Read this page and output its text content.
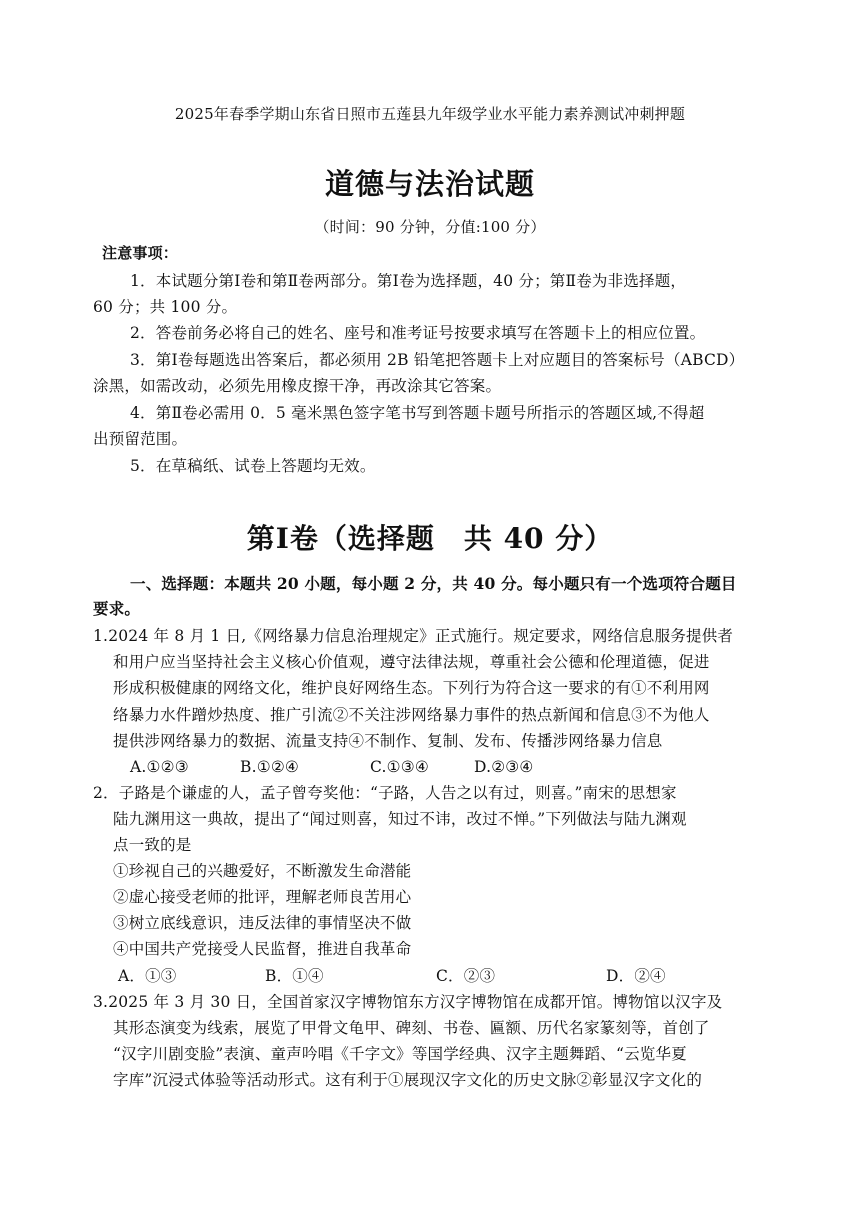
2025年春季学期山东省日照市五莲县九年级学业水平能力素养测试冲刺押题
道德与法治试题
（时间：90 分钟，分值:100 分）
注意事项：
1．本试题分第Ⅰ卷和第Ⅱ卷两部分。第Ⅰ卷为选择题，40 分；第Ⅱ卷为非选择题，
60 分；共 100 分。
2．答卷前务必将自己的姓名、座号和准考证号按要求填写在答题卡上的相应位置。
3．第Ⅰ卷每题选出答案后，都必须用 2B 铅笔把答题卡上对应题目的答案标号（ABCD）
涂黑，如需改动，必须先用橡皮擦干净，再改涂其它答案。
4．第Ⅱ卷必需用 0．5 毫米黑色签字笔书写到答题卡题号所指示的答题区域,不得超
出预留范围。
5．在草稿纸、试卷上答题均无效。
第Ⅰ卷（选择题　共 40 分）
一、选择题：本题共 20 小题，每小题 2 分，共 40 分。每小题只有一个选项符合题目
要求。
1.2024 年 8 月 1 日,《网络暴力信息治理规定》正式施行。规定要求，网络信息服务提供者
和用户应当坚持社会主义核心价值观，遵守法律法规，尊重社会公德和伦理道德，促进
形成积极健康的网络文化，维护良好网络生态。下列行为符合这一要求的有①不利用网
络暴力水件蹭炒热度、推广引流②不关注涉网络暴力事件的热点新闻和信息③不为他人
提供涉网络暴力的数据、流量支持④不制作、复制、发布、传播涉网络暴力信息
A.①②③	B.①②④	C.①③④	D.②③④
2．子路是个谦虚的人，孟子曾夸奖他：“子路，人告之以有过，则喜。”南宋的思想家
陆九渊用这一典故，提出了“闻过则喜，知过不讳，改过不惮。”下列做法与陆九渊观
点一致的是
①珍视自己的兴趣爱好，不断激发生命潜能
②虚心接受老师的批评，理解老师良苦用心
③树立底线意识，违反法律的事情坚决不做
④中国共产党接受人民监督，推进自我革命
A．①③	B．①④	C．②③	D．②④
3.2025 年 3 月 30 日，全国首家汉字博物馆东方汉字博物馆在成都开馆。博物馆以汉字及
其形态演变为线索，展览了甲骨文龟甲、碑刻、书卷、匾额、历代名家篆刻等，首创了
“汉字川剧变脸”表演、童声吟唱《千字文》等国学经典、汉字主题舞蹈、“云览华夏
字库”沉浸式体验等活动形式。这有利于①展现汉字文化的历史文脉②彰显汉字文化的
